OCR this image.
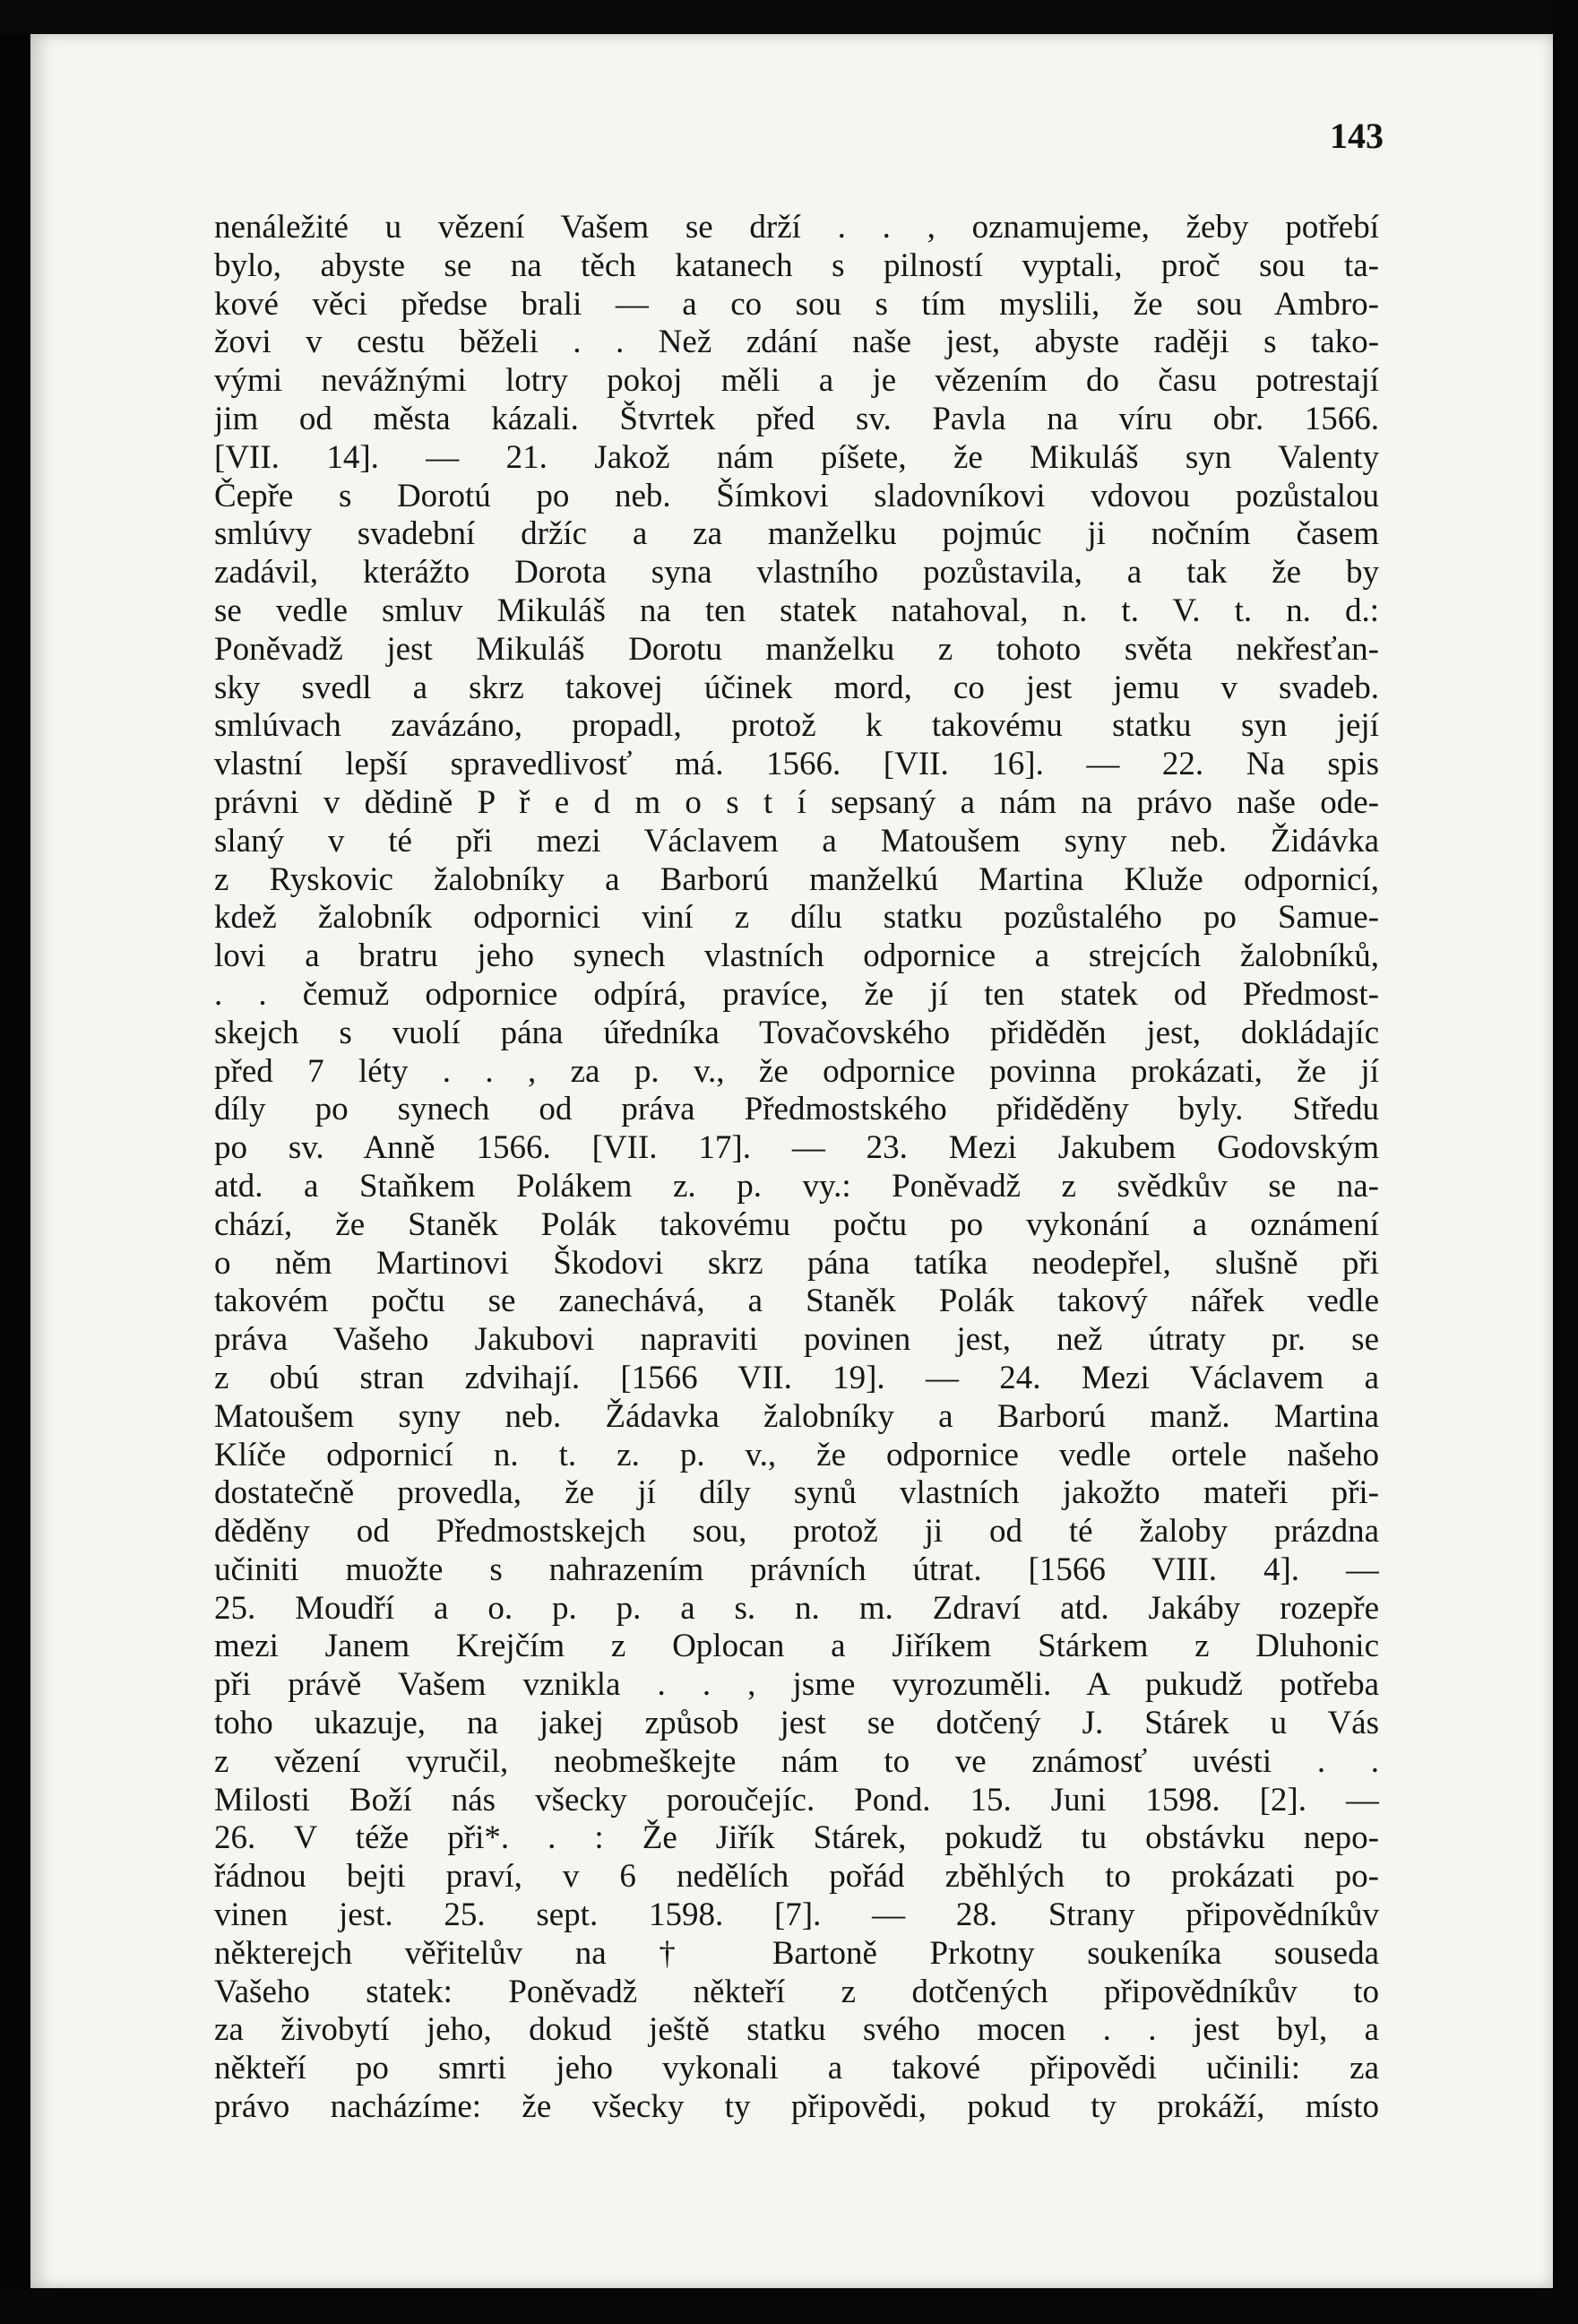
143
nenáležité u vězení Vašem se drží . . , oznamujeme, žeby potřebí
bylo, abyste se na těch katanech s pilností vyptali, proč sou ta-
kové věci předse brali — a co sou s tím myslili, že sou Ambro-
žovi v cestu běželi . . Než zdání naše jest, abyste raději s tako-
vými nevážnými lotry pokoj měli a je vězením do času potrestají
jim od města kázali. Štvrtek před sv. Pavla na víru obr. 1566.
[VII. 14]. — 21. Jakož nám píšete, že Mikuláš syn Valenty
Čepře s Dorotú po neb. Šímkovi sladovníkovi vdovou pozůstalou
smlúvy svadební držíc a za manželku pojmúc ji nočním časem
zadávil, kterážto Dorota syna vlastního pozůstavila, a tak že by
se vedle smluv Mikuláš na ten statek natahoval, n. t. V. t. n. d.:
Poněvadž jest Mikuláš Dorotu manželku z tohoto světa nekřesťan-
sky svedl a skrz takovej účinek mord, co jest jemu v svadeb.
smlúvach zavázáno, propadl, protož k takovému statku syn její
vlastní lepší spravedlivosť má. 1566. [VII. 16]. — 22. Na spis
právni v dědině P ř e d m o s t í sepsaný a nám na právo naše ode-
slaný v té při mezi Václavem a Matoušem syny neb. Židávka
z Ryskovic žalobníky a Barború manželkú Martina Kluže odpornicí,
kdež žalobník odpornici viní z dílu statku pozůstalého po Samue-
lovi a bratru jeho synech vlastních odpornice a strejcích žalobníků,
. . čemuž odpornice odpírá, pravíce, že jí ten statek od Předmost-
skejch s vuolí pána úředníka Tovačovského přiděděn jest, dokládajíc
před 7 léty . . , za p. v., že odpornice povinna prokázati, že jí
díly po synech od práva Předmostského přiděděny byly. Středu
po sv. Anně 1566. [VII. 17]. — 23. Mezi Jakubem Godovským
atd. a Staňkem Polákem z. p. vy.: Poněvadž z svědkův se na-
chází, že Staněk Polák takovému počtu po vykonání a oznámení
o něm Martinovi Škodovi skrz pána tatíka neodepřel, slušně při
takovém počtu se zanechává, a Staněk Polák takový nářek vedle
práva Vašeho Jakubovi napraviti povinen jest, než útraty pr. se
z obú stran zdvihají. [1566 VII. 19]. — 24. Mezi Václavem a
Matoušem syny neb. Žádavka žalobníky a Barború manž. Martina
Klíče odpornicí n. t. z. p. v., že odpornice vedle ortele našeho
dostatečně provedla, že jí díly synů vlastních jakožto mateři při-
děděny od Předmostskejch sou, protož ji od té žaloby prázdna
učiniti muožte s nahrazením právních útrat. [1566 VIII. 4]. —
25. Moudří a o. p. p. a s. n. m. Zdraví atd. Jakáby rozepře
mezi Janem Krejčím z Oplocan a Jiříkem Stárkem z Dluhonic
při právě Vašem vznikla . . , jsme vyrozuměli. A pukudž potřeba
toho ukazuje, na jakej způsob jest se dotčený J. Stárek u Vás
z vězení vyručil, neobmeškejte nám to ve známosť uvésti . .
Milosti Boží nás všecky poroučejíc. Pond. 15. Juni 1598. [2]. —
26. V téže při*. . : Že Jiřík Stárek, pokudž tu obstávku nepo-
řádnou bejti praví, v 6 nedělích pořád zběhlých to prokázati po-
vinen jest. 25. sept. 1598. [7]. — 28. Strany připovědníkův
některejch věřitelův na † Bartoně Prkotny soukeníka souseda
Vašeho statek: Poněvadž někteří z dotčených připovědníkův to
za živobytí jeho, dokud ještě statku svého mocen . . jest byl, a
někteří po smrti jeho vykonali a takové připovědi učinili: za
právo nacházíme: že všecky ty připovědi, pokud ty prokáží, místo
